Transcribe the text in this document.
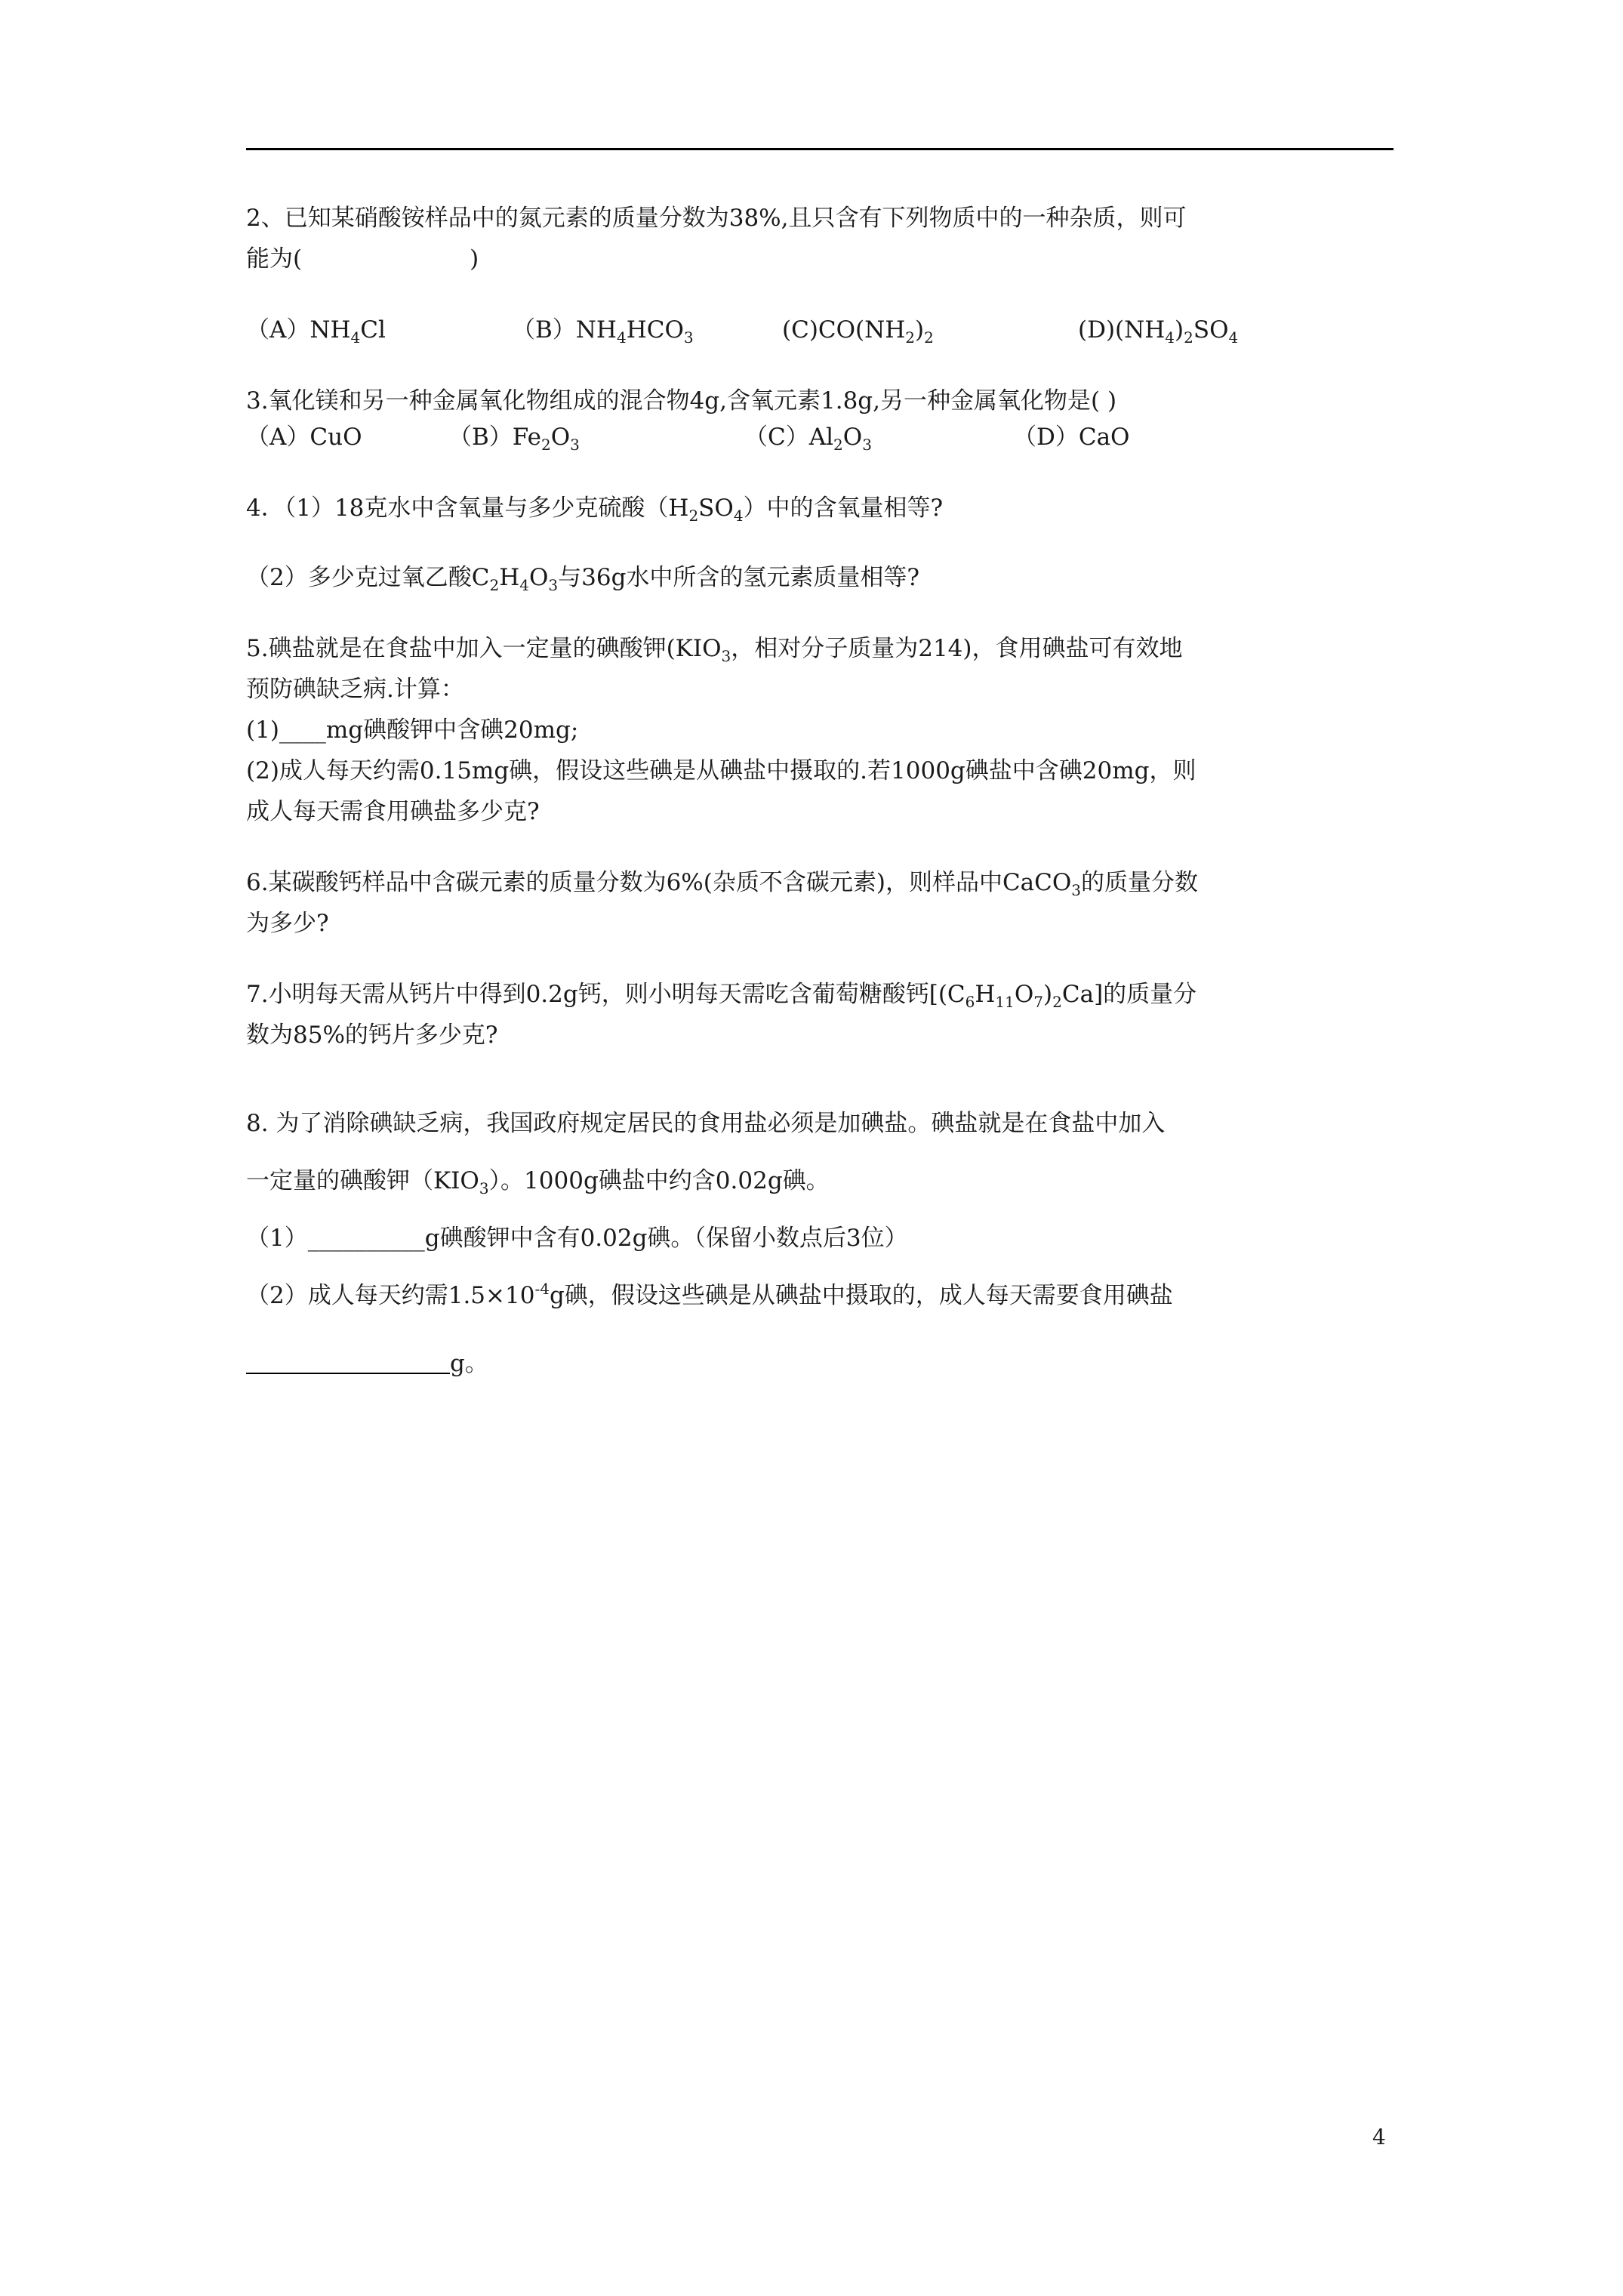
2、已知某硝酸铵样品中的氮元素的质量分数为38%,且只含有下列物质中的一种杂质，则可

能为(	)

$(A)NH_4Cl$	$(B)NH_4HCO_3$	$(C)CO(NH_2)_2$	$(D)(NH_4)_2SO_4$

3.氧化镁和另一种金属氧化物组成的混合物4g,含氧元素1.8g,另一种金属氧化物是( )

（A）CuO	$(B)Fe_2O_3$	$(C)Al_2O_3$	（D）CaO

4．（1）18克水中含氧量与多少克硫酸$(H_2SO_4)$中的含氧量相等?

（2）多少克过氧乙酸$C_2H_4O_3$与36g水中所含的氢元素质量相等?

5.碘盐就是在食盐中加入一定量的碘酸钾($KIO_3$，相对分子质量为214)，食用碘盐可有效地

预防碘缺乏病.计算：

(1)____mg碘酸钾中含碘20mg;

(2)成人每天约需0.15mg碘，假设这些碘是从碘盐中摄取的.若1000g碘盐中含碘20mg，则

成人每天需食用碘盐多少克?

6.某碳酸钙样品中含碳元素的质量分数为6%(杂质不含碳元素)，则样品中CaCO$_3$的质量分数

为多少?

7.小明每天需从钙片中得到0.2g钙，则小明每天需吃含葡萄糖酸钙$[(C_6H_{11}O_7)_2Ca]$的质量分

数为85%的钙片多少克?

8. 为了消除碘缺乏病，我国政府规定居民的食用盐必须是加碘盐。碘盐就是在食盐中加入

一定量的碘酸钾$(KIO_3)$。1000g碘盐中约含0.02g碘。

（1）__________g碘酸钾中含有0.02g碘。（保留小数点后3位）

（2）成人每天约需$1.5\times 10^{-4}g$碘，假设这些碘是从碘盐中摄取的，成人每天需要食用碘盐

g。

4
